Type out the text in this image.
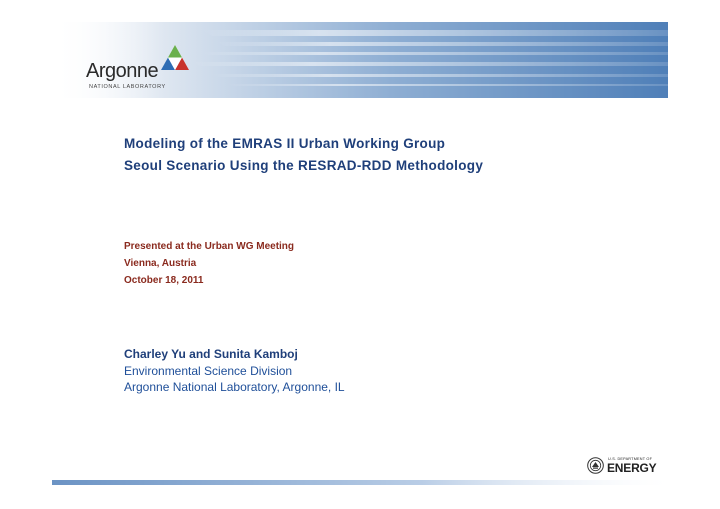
Argonne
NATIONAL LABORATORY
Modeling of the EMRAS II Urban Working Group
Seoul Scenario Using the RESRAD-RDD Methodology
Presented at the Urban WG Meeting
Vienna, Austria
October 18, 2011
Charley Yu and Sunita Kamboj
Environmental Science Division
Argonne National Laboratory, Argonne, IL
U.S. DEPARTMENT OF
ENERGY
